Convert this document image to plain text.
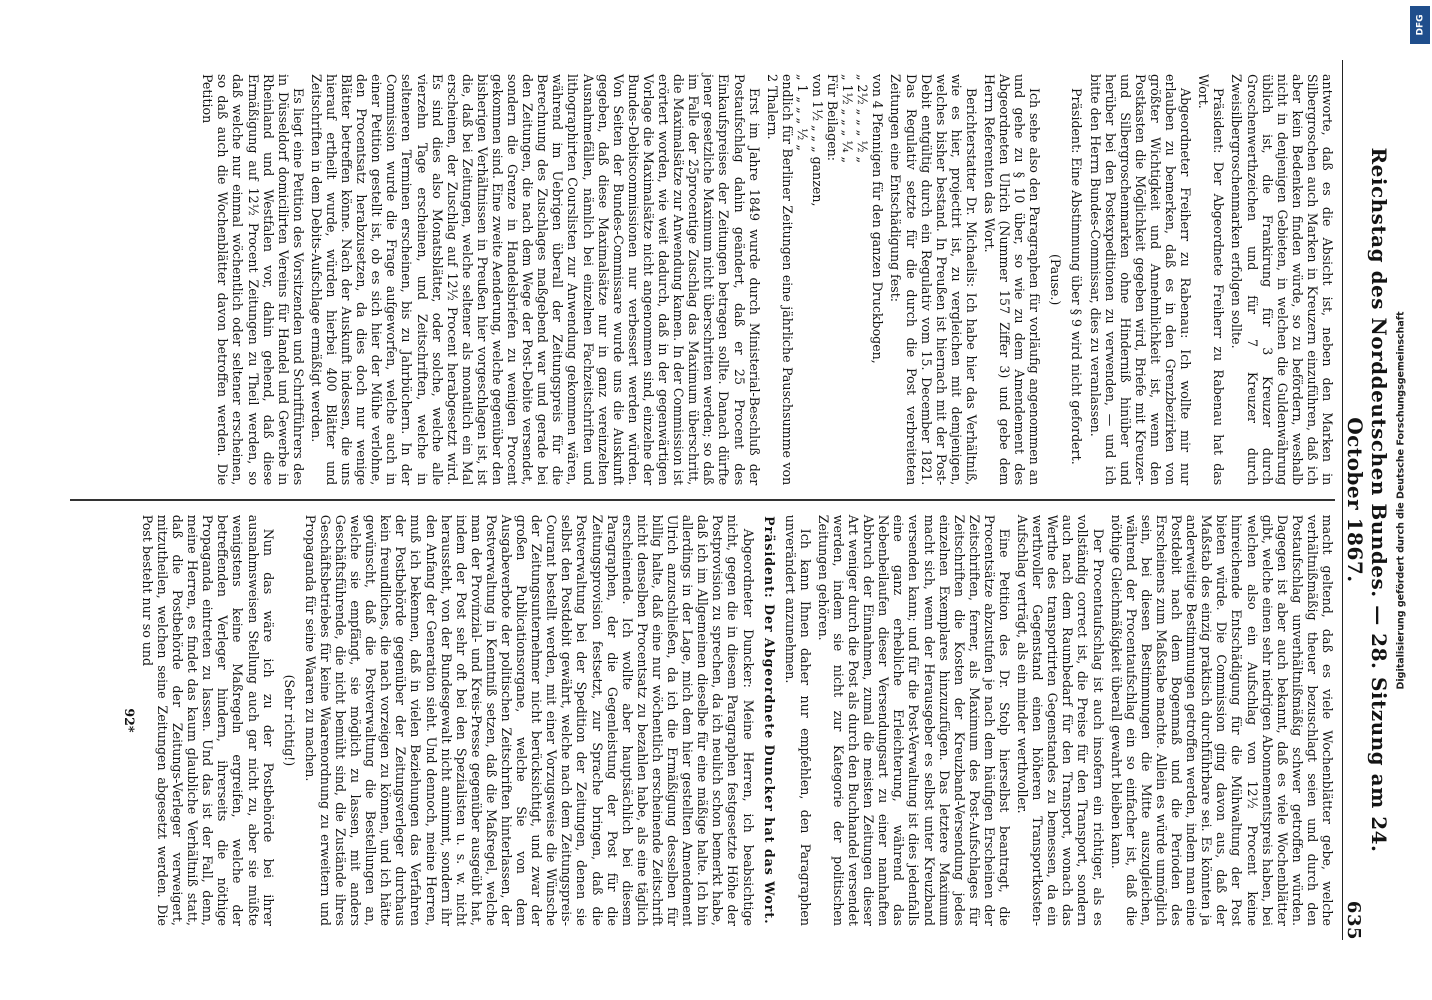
Reichstag des Norddeutschen Bundes. — 28. Sitzung am 24. October 1867.
635

antworte, daß es die Absicht ist, neben den Marken in Silbergroschen auch Marken in Kreuzern einzuführen, daß ich aber kein Bedenken finden würde, so zu befördern, weshalb nicht in denjenigen Gebieten, in welchen die Guldenwährung üblich ist, die Frankirung für 3 Kreuzer durch Groschenwerthzeichen und für 7 Kreuzer durch Zweisilbergroschenmarken erfolgen sollte.

Präsident: Der Abgeordnete Freiherr zu Rabenau hat das Wort.

Abgeordneter Freiherr zu Rabenau: Ich wollte mir nur erlauben zu bemerken, daß es in den Grenzbezirken von größter Wichtigkeit und Annehmlichkeit ist, wenn den Postkasten die Möglichkeit gegeben wird, Briefe mit Kreuzer- und Silbergroschenmarken ohne Hinderniß hinüber und herüber bei den Postexpeditionen zu verwenden, — und ich bitte den Herrn Bundes-Commissar, dies zu veranlassen.

Präsident: Eine Abstimmung über § 9 wird nicht gefordert.

(Pause.)

Ich sehe also den Paragraphen für vorläufig angenommen an und gehe zu § 10 über, so wie zu dem Amendement des Abgeordneten Ulrich (Nummer 157 Ziffer 3) und gebe dem Herrn Referenten das Wort.

Berichterstatter Dr. Michaelis: Ich habe hier das Verhältniß, wie es hier, projectirt ist, zu vergleichen mit demjenigen, welches bisher bestand. In Preußen ist hiernach mit der Post-Debit entgültig durch ein Regulativ vom 15. December 1821. Das Regulativ setzte für die durch die Post verbreiteten Zeitungen eine Entschädigung fest:

von 4 Pfennigen für den ganzen Druckbogen,

„ 2½ „ „ „ ½ „

„ 1½ „ „ „ ¼ „

Für Beilagen:

von 1½ „ „ „ ganzen,

„ 1 „ „ „ ½ „

endlich für Berliner Zeitungen eine jährliche Pauschsumme von 2 Thalern.

Erst im Jahre 1849 wurde durch Ministerial-Beschluß der Postaufschlag dahin geändert, daß er 25 Procent des Einkaufspreises der Zeitungen betragen sollte. Danach dürfte jener gesetzliche Maximum nicht überschritten werden; so daß im Falle der 25procentige Zuschlag das Maximum überschritt, die Maximalsätze zur Anwendung kamen. In der Commission ist erörtert worden, wie weit dadurch, daß in der gegenwärtigen Vorlage die Maximalsätze nicht angenommen sind, einzelne der Bundes-Debitscommissionen nur verbessert werden würden. Von Seiten der Bundes-Commissare wurde uns die Auskunft gegeben, daß diese Maximalsätze nur in ganz vereinzelten Ausnahmefällen, nämlich bei einzelnen Fachzeitschriften und lithographirten Courslisten zur Anwendung gekommen wären, während im Uebrigen überall der Zeitungspreis für die Berechnung des Zuschlages maßgebend war und gerade bei den Zeitungen, die nach dem Wege der Post-Debite versendet, sondern die Grenze in Handelsbriefen zu wenigen Procent gekommen sind. Eine zweite Aenderung, welche gegenüber den bisherigen Verhältnissen in Preußen hier vorgeschlagen ist, ist die, daß bei Zeitungen, welche seltener als monatlich ein Mal erscheinen, der Zuschlag auf 12½ Procent herabgesetzt wird. Es sind dies also Monatsblätter, oder solche, welche alle vierzehn Tage erscheinen, und Zeitschriften, welche in selteneren Terminen erscheinen, bis zu Jahrbüchern. In der Commission wurde die Frage aufgeworfen, welche auch in einer Petition gestellt ist, ob es sich hier der Mühe verlohne, den Procentsatz herabzusetzen, da dies doch nur wenige Blätter betreffen könne. Nach der Auskunft indessen, die uns hierauf ertheilt wurde, würden hierbei 400 Blätter und Zeitschriften in dem Debits-Aufschlage ermäßigt werden.

Es liegt eine Petition des Vorsitzenden und Schriftführers des in Düsseldorf domicilirten Vereins für Handel und Gewerbe in Rheinland und Westfalen vor, dahin gehend, daß diese Ermäßigung auf 12½ Procent Zeitungen zu Theil werden, so daß welche nur einmal wöchentlich oder seltener erscheinen, so daß auch die Wochenblätter davon betroffen werden. Die Petition

macht geltend, daß es viele Wochenblätter gebe, welche verhältnißmäßig theuer bezuschlagt seien und durch den Postaufschlag unverhältnißmäßig schwer getroffen würden. Dagegen ist aber auch bekannt, daß es viele Wochenblätter gibt, welche einen sehr niedrigen Abonnementspreis haben, bei welchen also ein Aufschlag von 12½ Procent keine hinreichende Entschädigung für die Mühwaltung der Post bieten würde. Die Commission ging davon aus, daß der Maßstab des einzig praktisch durchführbare sei. Es könnten ja anderweitige Bestimmungen getroffen werden, indem man eine Postdebit nach dem Bogenmaß und die Perioden des Erscheinens zum Maßstabe machte. Allein es würde unmöglich sein, bei diesen Bestimmungen die Mitte auszugleichen, während der Procentaufschlag ein so einfacher ist, daß die nöthige Gleichmäßigkeit überall gewahrt bleiben kann.

Der Procentaufschlag ist auch insofern ein richtiger, als es vollständig correct ist, die Preise für den Transport, sondern auch nach dem Raumbedarf für den Transport, wonach das Werthe des transportirten Gegenstandes zu bemessen, da ein werthvoller Gegenstand einen höheren Transportkosten-Aufschlag verträgt, als ein minder werthvoller.

Eine Petition des Dr. Stolp hierselbst beantragt, die Procentsätze abzustufen je nach dem häufigen Erscheinen der Zeitschriften, ferner, als Maximum des Post-Aufschlages für Zeitschriften die Kosten der Kreuzband-Versendung jedes einzelnen Exemplares hinzuzufügen. Das letztere Maximum macht sich, wenn der Herausgeber es selbst unter Kreuzband versenden kann; und für die Post-Verwaltung ist dies jedenfalls eine ganz erhebliche Erleichterung, während das Nebenbeilaufen dieser Versendungsart zu einer namhaften Abbruch der Einnahmen, zumal die meisten Zeitungen dieser Art weniger durch die Post als durch den Buchhandel versendet werden, indem sie nicht zur Kategorie der politischen Zeitungen gehören.

Ich kann Ihnen daher nur empfehlen, den Paragraphen unverändert anzunehmen.

Präsident: Der Abgeordnete Duncker hat das Wort.

Abgeordneter Duncker: Meine Herren, ich beabsichtige nicht, gegen die in diesem Paragraphen festgesetzte Höhe der Postprovision zu sprechen, da ich neulich schon bemerkt habe, daß ich im Allgemeinen dieselbe für eine mäßige halte. Ich bin allerdings in der Lage, mich dem hier gestellten Amendement Ulrich anzuschließen, da ich die Ermäßigung desselben für billig halte, daß eine nur wöchentlich erscheinende Zeitschrift nicht denselben Procentsatz zu bezahlen habe, als eine täglich erscheinende. Ich wollte aber hauptsächlich bei diesem Paragraphen, der die Gegenleistung der Post für die Zeitungsprovision festsetzt, zur Sprache bringen, daß die Postverwaltung bei der Spedition der Zeitungen, denen sie selbst den Postdebit gewährt, welche nach dem Zeitungspreis-Courant bestellt werden, mit einer Vorzugsweise die Wünsche der Zeitungsunternehmer nicht berücksichtigt, und zwar der großen Publicationsorgane, welche Sie von dem Ausgabeverbote der politischen Zeitschriften hinterlassen, der Postverwaltung in Kenntniß setzen, daß die Maßregel, welche man der Provinzial- und Kreis-Presse gegenüber ausgeübt hat, indem der Post sehr oft bei den Spezialisten u. s. w. nicht heraussteht, von der Bundesgewalt nicht annimmt, sondern ihr den Anfang der Generation sieht. Und dennoch, meine Herren, muß ich bekennen, daß in vielen Beziehungen das Verfahren der Postbehörde gegenüber der Zeitungsverleger durchaus kein freundliches, die nach vorzeigen zu können, und ich hätte gewünscht, daß die Postverwaltung die Bestellungen an, welche sie empfängt, sie möglich zu lassen, mit anders Geschäftsführende, die nicht bemüht sind, die Zustände ihres Geschäftsbetriebes für keine Waarenordnung zu erweitern und Propaganda für seine Waaren zu machen.

(Sehr richtig!)

Nun das wäre ich zu der Postbehörde bei ihrer ausnahmsweisen Stellung auch gar nicht zu, aber sie müßte wenigstens keine Maßregeln ergreifen, welche der betreffenden Verleger hindern, ihrerseits die nöthige Propaganda eintreten zu lassen. Und das ist der Fall, denn, meine Herren, es findet das kaum glaubliche Verhältniß statt, daß die Postbehörde der Zeitungs-Verleger verweigert, mitzutheilen, welchen seine Zeitungen abgesetzt werden. Die Post besteht nur so und

92*

Digitalisierung gefördert durch die Deutsche Forschungsgemeinschaft
DFG
